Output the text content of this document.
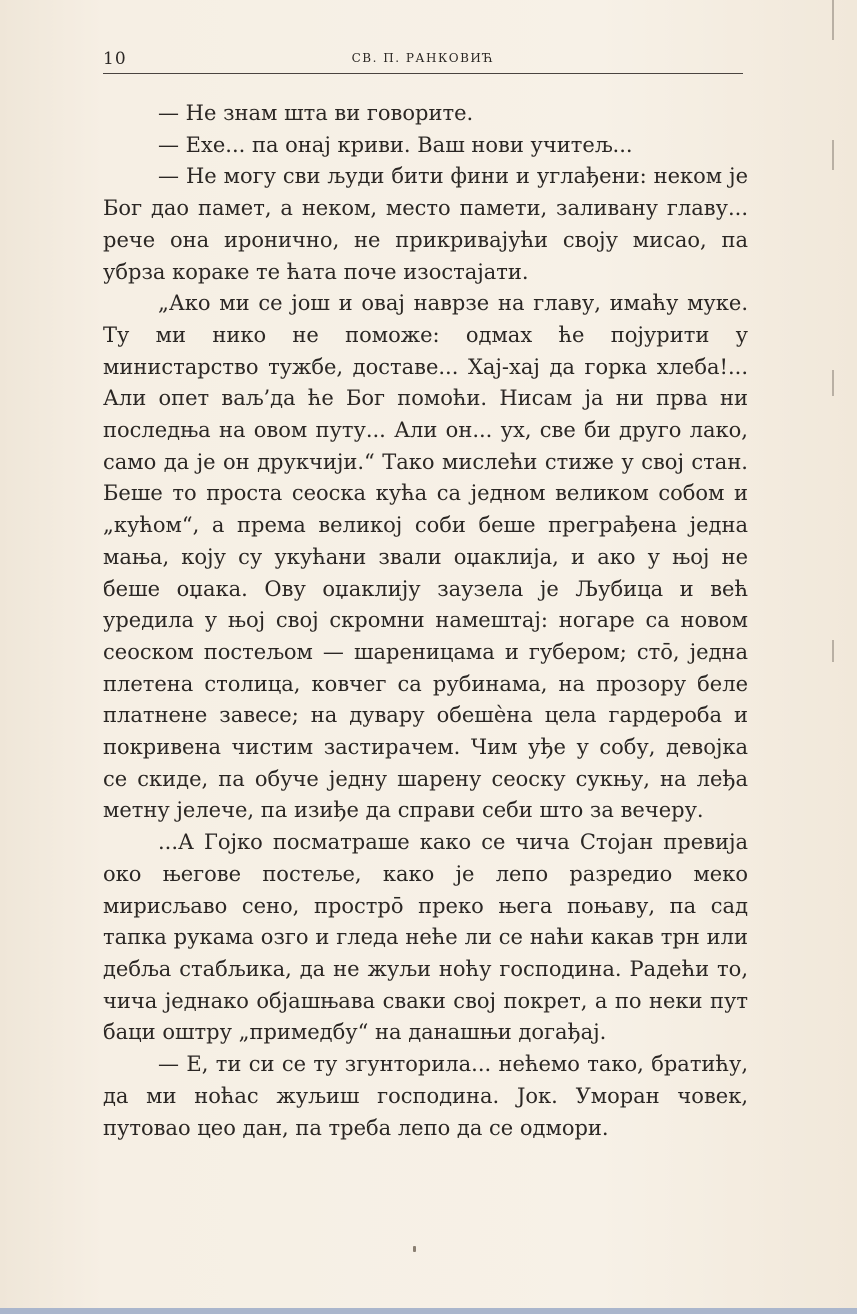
10	СВ. П. РАНКОВИЋ

— Не знам шта ви говорите.

— Ехе... па онај криви. Ваш нови учитељ...

— Не могу сви људи бити фини и углађени: неком је Бог дао памет, а неком, место памети, заливану главу... рече она иронично, не прикривајући своју мисао, па убрза кораке те ћата поче изостајати.

„Ако ми се још и овај наврзе на главу, имаћу муке. Ту ми нико не поможе: одмах ће појурити у министарство тужбе, доставе... Хај-хај да горка хлеба!... Али опет ваљ’да ће Бог помоћи. Нисам ја ни прва ни последња на овом путу... Али он... ух, све би друго лако, само да је он друкчији.“ Тако мислећи стиже у свој стан. Беше то проста сеоска кућа са једном великом собом и „кућом“, а према великој соби беше преграђена једна мања, коју су укућани звали оџаклија, и ако у њој не беше оџака. Ову оџаклију заузела је Љубица и већ уредила у њој свој скромни намештај: ногаре са новом сеоском постељом — шареницама и губером; сто̄, једна плетена столица, ковчег са рубинама, на прозору беле платнене завесе; на дувару обешѐна цела гардероба и покривена чистим застирачем. Чим уђе у собу, девојка се скиде, па обуче једну шарену сеоску сукњу, на леђа метну јелече, па изиђе да справи себи што за вечеру.

...А Гојко посматраше како се чича Стојан превија око његове постеље, како је лепо разредио меко мирисљаво сено, простро̄ преко њега поњаву, па сад тапка рукама озго и гледа неће ли се наћи какав трн или дебља стабљика, да не жуљи ноћу господина. Радећи то, чича једнако објашњава сваки свој покрет, а по неки пут баци оштру „примедбу“ на данашњи догађај.

— Е, ти си се ту згунторила... нећемо тако, братићу, да ми ноћас жуљиш господина. Јок. Уморан човек, путовао цео дан, па треба лепо да се одмори.
